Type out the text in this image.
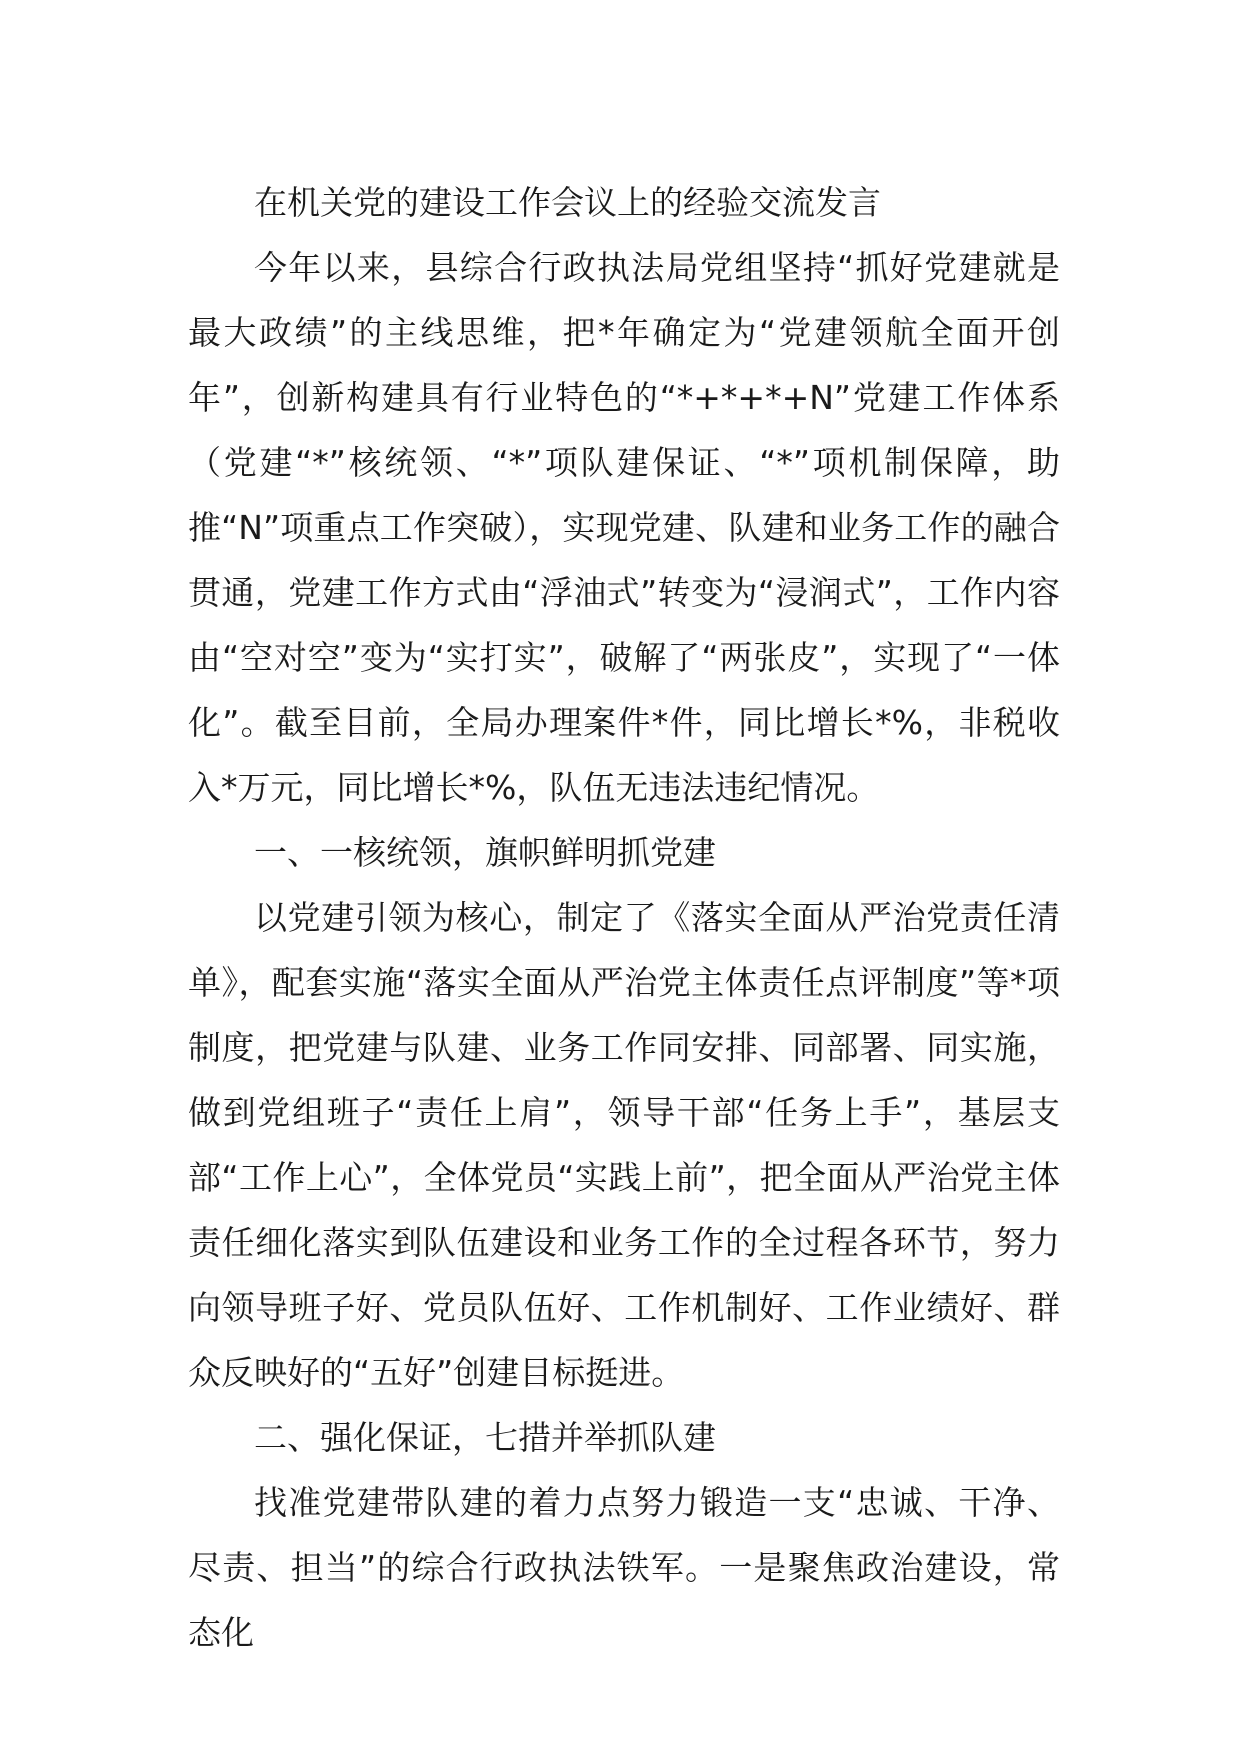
在机关党的建设工作会议上的经验交流发言

今年以来，县综合行政执法局党组坚持“抓好党建就是最大政绩”的主线思维，把*年确定为“党建领航全面开创年”，创新构建具有行业特色的“*+*+*+N”党建工作体系（党建“*”核统领、“*”项队建保证、“*”项机制保障，助推“N”项重点工作突破），实现党建、队建和业务工作的融合贯通，党建工作方式由“浮油式”转变为“浸润式”，工作内容由“空对空”变为“实打实”，破解了“两张皮”，实现了“一体化”。截至目前，全局办理案件*件，同比增长*%，非税收入*万元，同比增长*%，队伍无违法违纪情况。

一、一核统领，旗帜鲜明抓党建

以党建引领为核心，制定了《落实全面从严治党责任清单》，配套实施“落实全面从严治党主体责任点评制度”等*项制度，把党建与队建、业务工作同安排、同部署、同实施，做到党组班子“责任上肩”，领导干部“任务上手”，基层支部“工作上心”，全体党员“实践上前”，把全面从严治党主体责任细化落实到队伍建设和业务工作的全过程各环节，努力向领导班子好、党员队伍好、工作机制好、工作业绩好、群众反映好的“五好”创建目标挺进。

二、强化保证，七措并举抓队建

找准党建带队建的着力点努力锻造一支“忠诚、干净、尽责、担当”的综合行政执法铁军。一是聚焦政治建设，常态化
